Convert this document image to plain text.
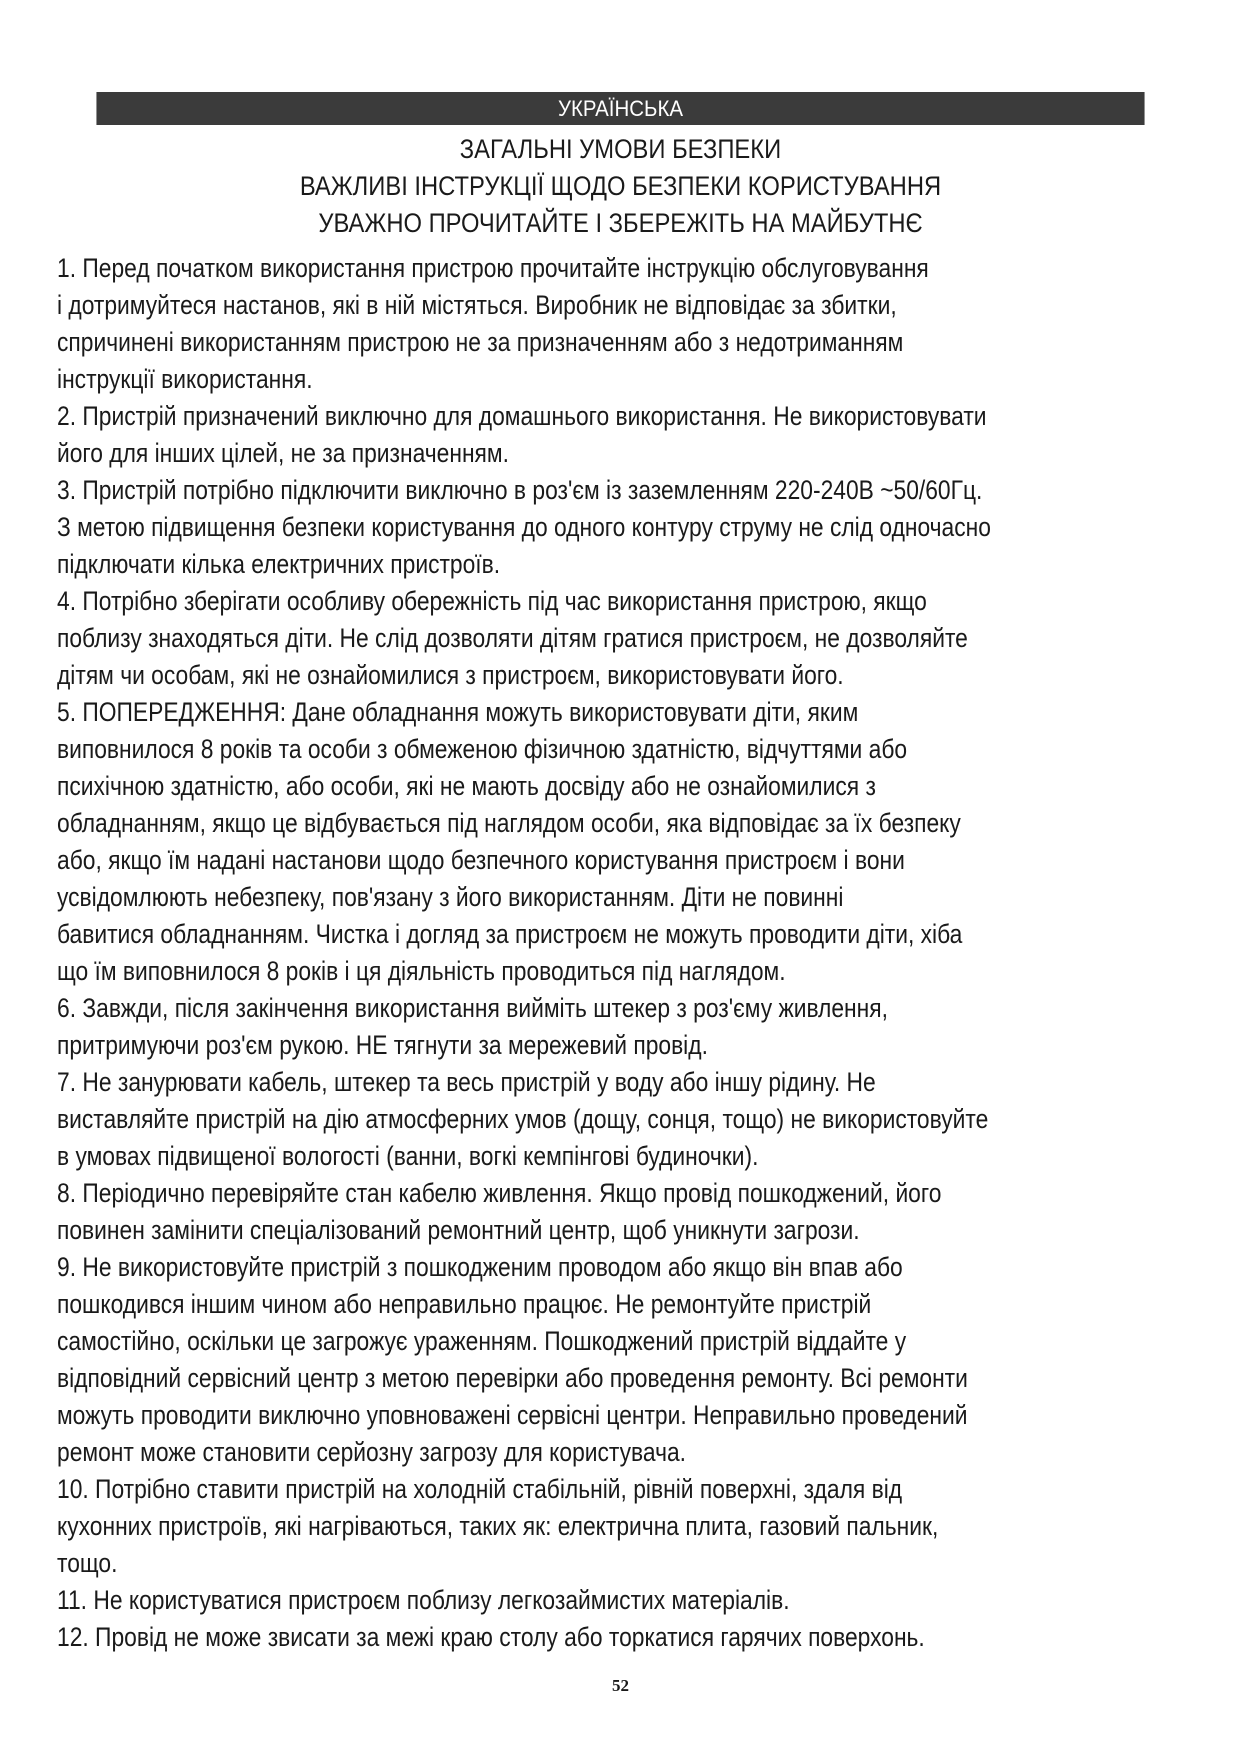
УКРАЇНСЬКА
ЗАГАЛЬНІ УМОВИ БЕЗПЕКИ
ВАЖЛИВІ ІНСТРУКЦІЇ ЩОДО БЕЗПЕКИ КОРИСТУВАННЯ
УВАЖНО ПРОЧИТАЙТЕ І ЗБЕРЕЖІТЬ НА МАЙБУТНЄ
1. Перед початком використання пристрою прочитайте інструкцію обслуговування
і дотримуйтеся настанов, які в ній містяться. Виробник не відповідає за збитки,
спричинені використанням пристрою не за призначенням або з недотриманням
інструкції використання.
2. Пристрій призначений виключно для домашнього використання. Не використовувати
його для інших цілей, не за призначенням.
3. Пристрій потрібно підключити виключно в роз'єм із заземленням 220-240В ~50/60Гц.
З метою підвищення безпеки користування до одного контуру струму не слід одночасно
підключати кілька електричних пристроїв.
4. Потрібно зберігати особливу обережність під час використання пристрою, якщо
поблизу знаходяться діти. Не слід дозволяти дітям гратися пристроєм, не дозволяйте
дітям чи особам, які не ознайомилися з пристроєм, використовувати його.
5. ПОПЕРЕДЖЕННЯ: Дане обладнання можуть використовувати діти, яким
виповнилося 8 років та особи з обмеженою фізичною здатністю, відчуттями або
психічною здатністю, або особи, які не мають досвіду або не ознайомилися з
обладнанням, якщо це відбувається під наглядом особи, яка відповідає за їх безпеку
або, якщо їм надані настанови щодо безпечного користування пристроєм і вони
усвідомлюють небезпеку, пов'язану з його використанням. Діти не повинні
бавитися обладнанням. Чистка і догляд за пристроєм не можуть проводити діти, хіба
що їм виповнилося 8 років і ця діяльність проводиться під наглядом.
6. Завжди, після закінчення використання вийміть штекер з роз'єму живлення,
притримуючи роз'єм рукою. НЕ тягнути за мережевий провід.
7. Не занурювати кабель, штекер та весь пристрій у воду або іншу рідину. Не
виставляйте пристрій на дію атмосферних умов (дощу, сонця, тощо) не використовуйте
в умовах підвищеної вологості (ванни, вогкі кемпінгові будиночки).
8. Періодично перевіряйте стан кабелю живлення. Якщо провід пошкоджений, його
повинен замінити спеціалізований ремонтний центр, щоб уникнути загрози.
9. Не використовуйте пристрій з пошкодженим проводом або якщо він впав або
пошкодився іншим чином або неправильно працює. Не ремонтуйте пристрій
самостійно, оскільки це загрожує ураженням. Пошкоджений пристрій віддайте у
відповідний сервісний центр з метою перевірки або проведення ремонту. Всі ремонти
можуть проводити виключно уповноважені сервісні центри. Неправильно проведений
ремонт може становити серйозну загрозу для користувача.
10. Потрібно ставити пристрій на холодній стабільній, рівній поверхні, здаля від
кухонних пристроїв, які нагріваються, таких як: електрична плита, газовий пальник,
тощо.
11. Не користуватися пристроєм поблизу легкозаймистих матеріалів.
12. Провід не може звисати за межі краю столу або торкатися гарячих поверхонь.
52
